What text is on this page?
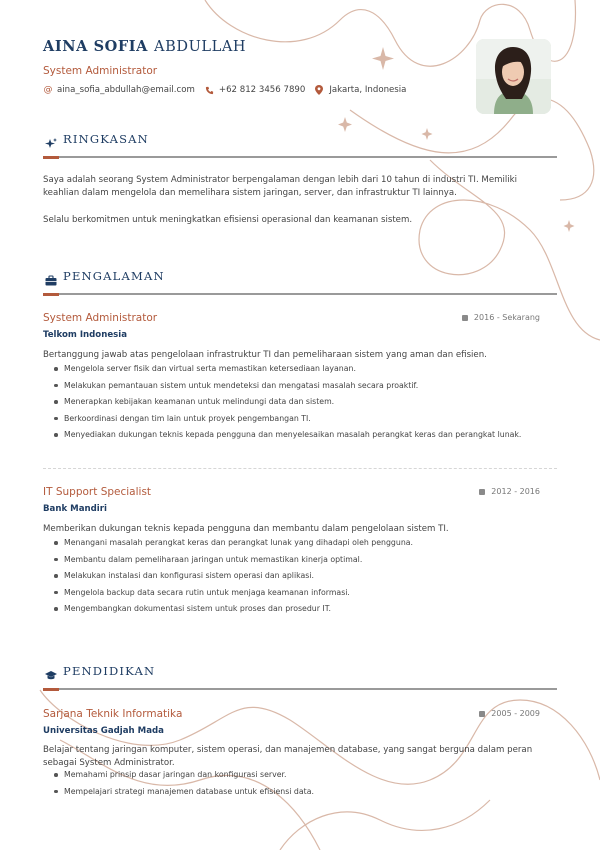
AINA SOFIA ABDULLAH
System Administrator
@ aina_sofia_abdullah@email.com	+62 812 3456 7890	Jakarta, Indonesia
RINGKASAN
Saya adalah seorang System Administrator berpengalaman dengan lebih dari 10 tahun di industri TI. Memiliki keahlian dalam mengelola dan memelihara sistem jaringan, server, dan infrastruktur TI lainnya.
Selalu berkomitmen untuk meningkatkan efisiensi operasional dan keamanan sistem.
PENGALAMAN
System Administrator	2016 - Sekarang
Telkom Indonesia
Bertanggung jawab atas pengelolaan infrastruktur TI dan pemeliharaan sistem yang aman dan efisien.
Mengelola server fisik dan virtual serta memastikan ketersediaan layanan.
Melakukan pemantauan sistem untuk mendeteksi dan mengatasi masalah secara proaktif.
Menerapkan kebijakan keamanan untuk melindungi data dan sistem.
Berkoordinasi dengan tim lain untuk proyek pengembangan TI.
Menyediakan dukungan teknis kepada pengguna dan menyelesaikan masalah perangkat keras dan perangkat lunak.
IT Support Specialist	2012 - 2016
Bank Mandiri
Memberikan dukungan teknis kepada pengguna dan membantu dalam pengelolaan sistem TI.
Menangani masalah perangkat keras dan perangkat lunak yang dihadapi oleh pengguna.
Membantu dalam pemeliharaan jaringan untuk memastikan kinerja optimal.
Melakukan instalasi dan konfigurasi sistem operasi dan aplikasi.
Mengelola backup data secara rutin untuk menjaga keamanan informasi.
Mengembangkan dokumentasi sistem untuk proses dan prosedur IT.
PENDIDIKAN
Sarjana Teknik Informatika	2005 - 2009
Universitas Gadjah Mada
Belajar tentang jaringan komputer, sistem operasi, dan manajemen database, yang sangat berguna dalam peran sebagai System Administrator.
Memahami prinsip dasar jaringan dan konfigurasi server.
Mempelajari strategi manajemen database untuk efisiensi data.
